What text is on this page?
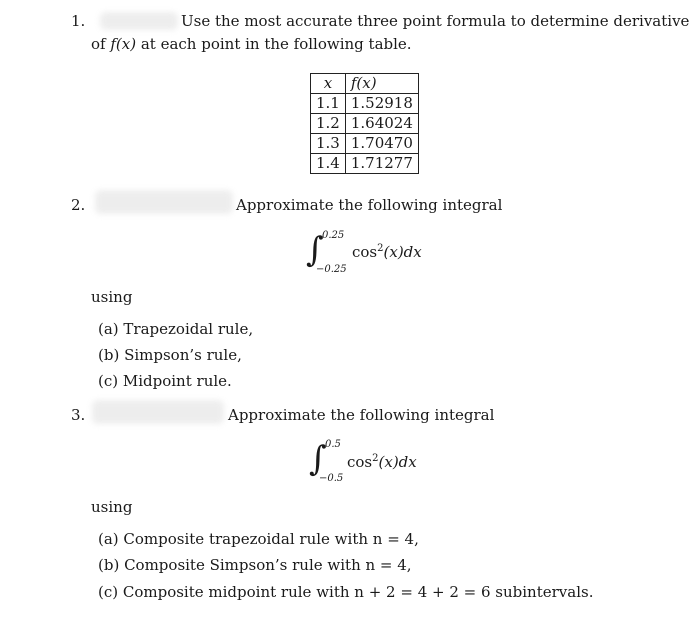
1.	Use the most accurate three point formula to determine derivative
of f(x) at each point in the following table.
x	f(x)
1.1	1.52918
1.2	1.64024
1.3	1.70470
1.4	1.71277
2.	Approximate the following integral
∫
0.25
−0.25
$\cos^2(x)dx$
using
(a) Trapezoidal rule,
(b) Simpson’s rule,
(c) Midpoint rule.
3.	Approximate the following integral
∫
0.5
−0.5
$\cos^2(x)dx$
using
(a) Composite trapezoidal rule with n = 4,
(b) Composite Simpson’s rule with n = 4,
(c) Composite midpoint rule with n + 2 = 4 + 2 = 6 subintervals.
